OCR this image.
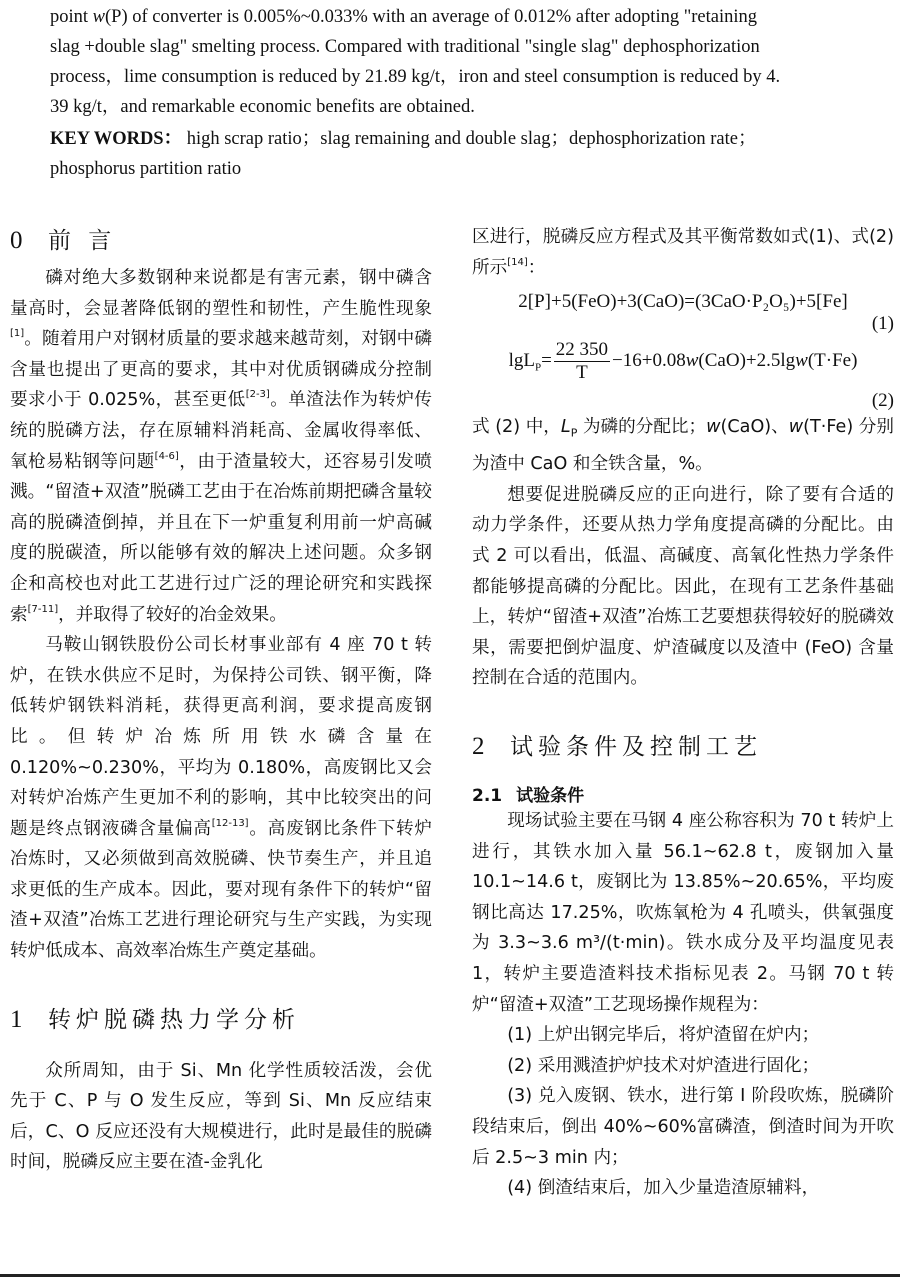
point w(P) of converter is 0.005%~0.033% with an average of 0.012% after adopting "retaining

slag +double slag" smelting process. Compared with traditional "single slag" dephosphorization

process，lime consumption is reduced by 21.89 kg/t，iron and steel consumption is reduced by 4.

39 kg/t，and remarkable economic benefits are obtained.

KEY WORDS： high scrap ratio；slag remaining and double slag；dephosphorization rate；

phosphorus partition ratio

0	前 言

磷对绝大多数钢种来说都是有害元素，钢中磷含量高时，会显著降低钢的塑性和韧性，产生脆性现象[1]。随着用户对钢材质量的要求越来越苛刻，对钢中磷含量也提出了更高的要求，其中对优质钢磷成分控制要求小于 0.025%，甚至更低[2-3]。单渣法作为转炉传统的脱磷方法，存在原辅料消耗高、金属收得率低、氧枪易粘钢等问题[4-6]，由于渣量较大，还容易引发喷溅。“留渣+双渣”脱磷工艺由于在冶炼前期把磷含量较高的脱磷渣倒掉，并且在下一炉重复利用前一炉高碱度的脱碳渣，所以能够有效的解决上述问题。众多钢企和高校也对此工艺进行过广泛的理论研究和实践探索[7-11]，并取得了较好的冶金效果。

马鞍山钢铁股份公司长材事业部有 4 座 70 t 转炉，在铁水供应不足时，为保持公司铁、钢平衡，降低转炉钢铁料消耗，获得更高利润，要求提高废钢比。但转炉冶炼所用铁水磷含量在 0.120%~0.230%，平均为 0.180%，高废钢比又会对转炉冶炼产生更加不利的影响，其中比较突出的问题是终点钢液磷含量偏高[12-13]。高废钢比条件下转炉冶炼时，又必须做到高效脱磷、快节奏生产，并且追求更低的生产成本。因此，要对现有条件下的转炉“留渣+双渣”冶炼工艺进行理论研究与生产实践，为实现转炉低成本、高效率冶炼生产奠定基础。

1	转炉脱磷热力学分析

众所周知，由于 Si、Mn 化学性质较活泼，会优先于 C、P 与 O 发生反应，等到 Si、Mn 反应结束后，C、O 反应还没有大规模进行，此时是最佳的脱磷时间，脱磷反应主要在渣-金乳化

区进行，脱磷反应方程式及其平衡常数如式(1)、式(2) 所示[14]：

2[P]+5(FeO)+3(CaO)=(3CaO·P₂O₅)+5[Fe]
(1)
$\lg L_P= \frac{22 350}{T} -16+0.08w(CaO)+2.5\lg w(T\cdot Fe)$
(2)

式 (2) 中，$L_P$ 为磷的分配比；w(CaO)、w(T·Fe) 分别为渣中 CaO 和全铁含量，%。

想要促进脱磷反应的正向进行，除了要有合适的动力学条件，还要从热力学角度提高磷的分配比。由式 2 可以看出，低温、高碱度、高氧化性热力学条件都能够提高磷的分配比。因此，在现有工艺条件基础上，转炉“留渣+双渣”冶炼工艺要想获得较好的脱磷效果，需要把倒炉温度、炉渣碱度以及渣中 (FeO) 含量控制在合适的范围内。

2	试验条件及控制工艺
2.1 试验条件

现场试验主要在马钢 4 座公称容积为 70 t 转炉上进行，其铁水加入量 56.1~62.8 t，废钢加入量 10.1~14.6 t，废钢比为 13.85%~20.65%，平均废钢比高达 17.25%，吹炼氧枪为 4 孔喷头，供氧强度为 3.3~3.6 m³/(t·min)。铁水成分及平均温度见表 1，转炉主要造渣料技术指标见表 2。马钢 70 t 转炉“留渣+双渣”工艺现场操作规程为：

(1) 上炉出钢完毕后，将炉渣留在炉内；

(2) 采用溅渣护炉技术对炉渣进行固化；

(3) 兑入废钢、铁水，进行第 Ⅰ 阶段吹炼，脱磷阶段结束后，倒出 40%~60%富磷渣，倒渣时间为开吹后 2.5~3 min 内；

(4) 倒渣结束后，加入少量造渣原辅料，
